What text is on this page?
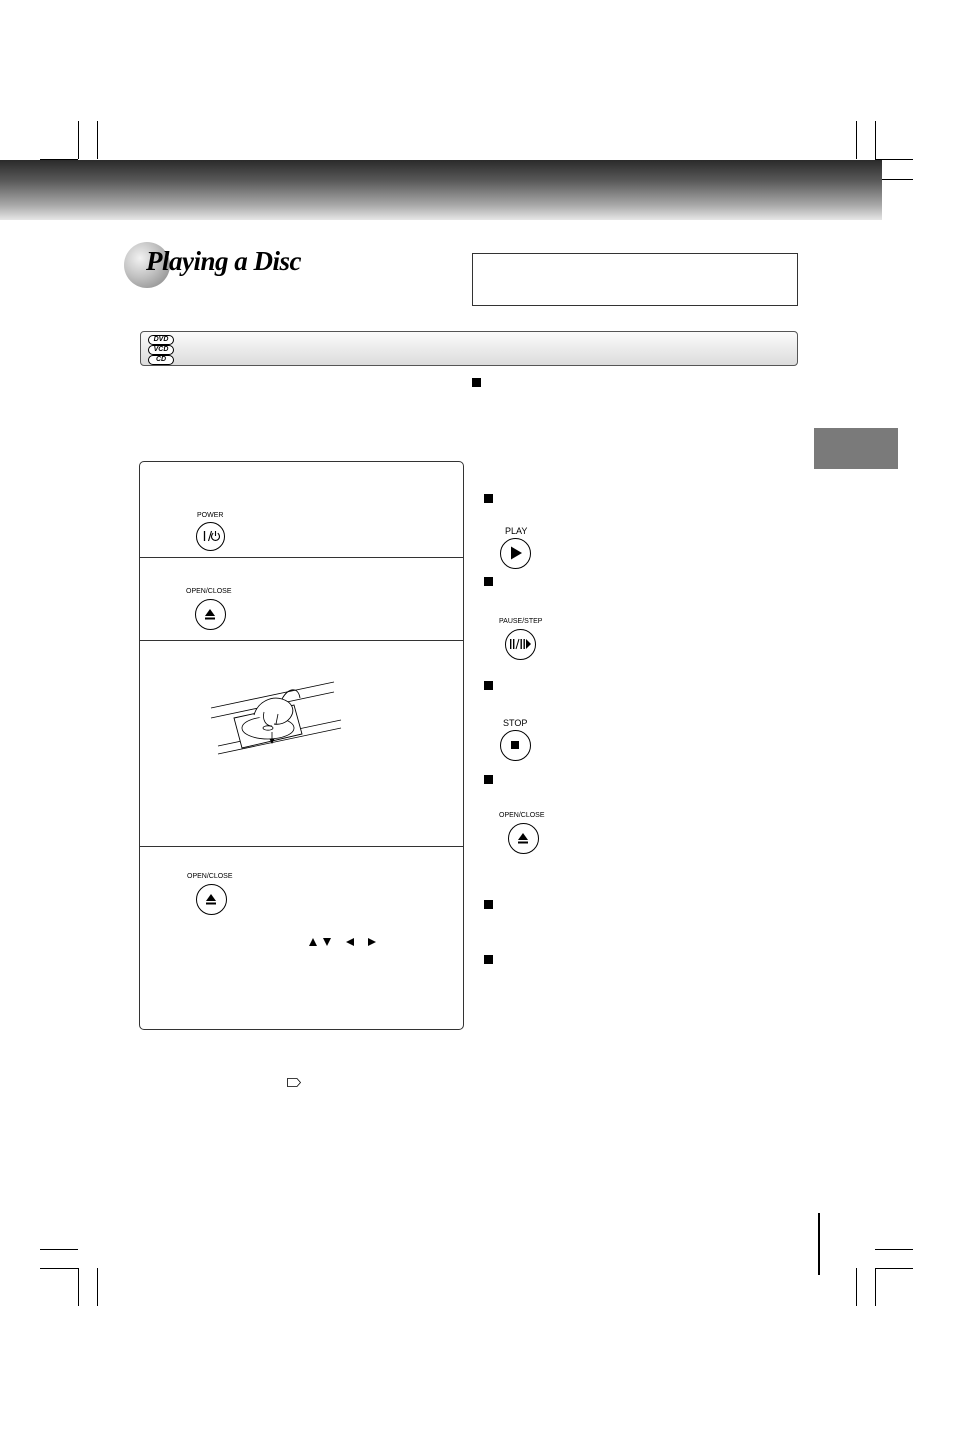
Playing a Disc
DVD
VCD
CD
POWER
OPEN/CLOSE
OPEN/CLOSE
PLAY
PAUSE/STEP
STOP
OPEN/CLOSE
